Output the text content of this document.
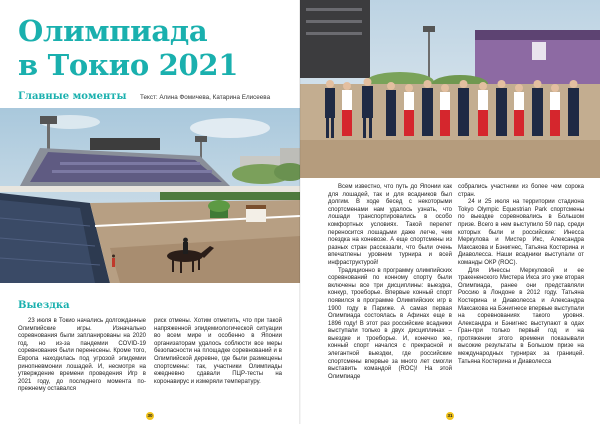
Олимпиада
в Токио 2021
Главные моменты Текст: Алина Фомичева, Катарина Елисеева
Выездка

23 июля в Токио начались долгожданные Олимпийские игры. Изначально соревнования были запланированы на 2020 год, но из-за пандемии COVID-19 соревнования были перенесены. Кроме того, Европа находилась под угрозой эпидемии ринопневмонии лошадей. И, несмотря на утверждение времени проведения Игр в 2021 году, до последнего момента по-прежнему оставался

риск отмены. Хотим отметить, что при такой напряженной эпидемиологической ситуации во всем мире и особенно в Японии организаторам удалось соблюсти все меры безопасности на площадке соревнований и в Олимпийской деревне, где были размещены спортсмены: так, участники Олимпиады ежедневно сдавали ПЦР-тесты на коронавирус и измеряли температуру.

30

Всем известно, что путь до Японии как для лошадей, так и для всадников был долгим. В ходе бесед с некоторыми спортсменами нам удалось узнать, что лошади транспортировались в особо комфортных условиях. Такой перелет переносится лошадьми даже легче, чем поездка на коневозе. А еще спортсмены из разных стран рассказали, что были очень впечатлены уровнем турнира и всей инфраструктурой!

Традиционно в программу олимпийских соревнований по конному спорту были включены все три дисциплины: выездка, конкур, троеборье. Впервые конный спорт появился в программе Олимпийских игр в 1900 году в Париже. А самая первая Олимпиада состоялась в Афинах еще в 1896 году! В этот раз российские всадники выступали только в двух дисциплинах – выездке и троеборье. И, конечно же, конный спорт начался с прекрасной и элегантной выездки, где российские спортсмены впервые за много лет смогли выставить командой (ROC)! На этой Олимпиаде

собрались участники из более чем сорока стран.

24 и 25 июля на территории стадиона Tokyo Olympic Equestrian Park спортсмены по выездке соревновались в Большом призе. Всего в нем выступило 59 пар, среди которых были и российские: Инесса Меркулова и Мистер Икс, Александра Максакова и Бэнигнес, Татьяна Костерина и Диаволесса. Наши всадники выступали от команды ОКР (ROC).

Для Инессы Меркуловой и ее тракененского Мистера Икса это уже вторая Олимпиада, ранее они представляли Россию в Лондоне в 2012 году. Татьяна Костерина и Диаволесса и Александра Максакова на Бэнигнесе впервые выступали на соревнованиях такого уровня. Александра и Бэнигнес выступают в одах Гран-при только первый год и на протяжении этого времени показывали высокие результаты в Большом призе на международных турнирах за границей. Татьяна Костерина и Диаволесса

31
